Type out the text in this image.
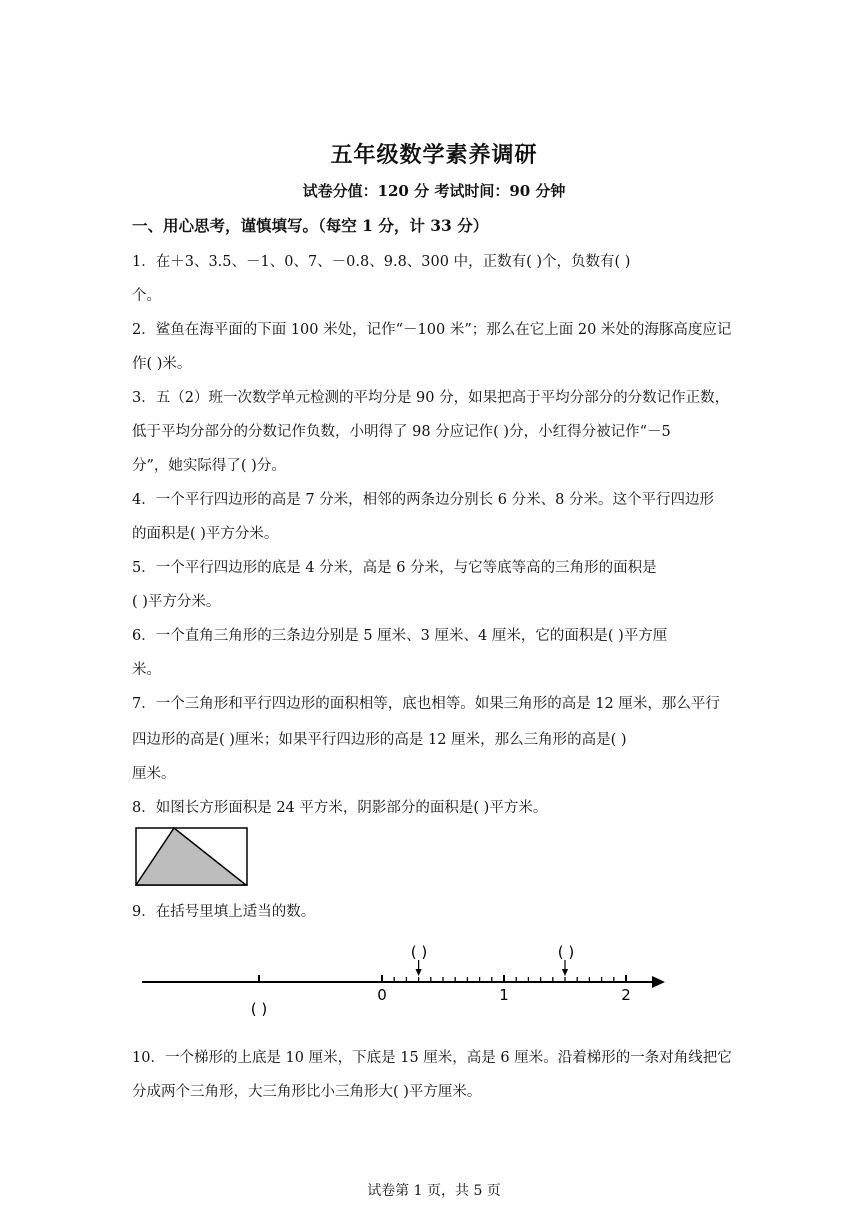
五年级数学素养调研
试卷分值：120 分 考试时间：90 分钟
一、用心思考，谨慎填写。（每空 1 分，计 33 分）
1．在＋3、3.5、－1、0、7、－0.8、9.8、300 中，正数有( )个，负数有( )
个。
2．鲨鱼在海平面的下面 100 米处，记作“－100 米”；那么在它上面 20 米处的海豚高度应记
作( )米。
3．五（2）班一次数学单元检测的平均分是 90 分，如果把高于平均分部分的分数记作正数，
低于平均分部分的分数记作负数，小明得了 98 分应记作( )分，小红得分被记作“－5
分”，她实际得了( )分。
4．一个平行四边形的高是 7 分米，相邻的两条边分别长 6 分米、8 分米。这个平行四边形
的面积是( )平方分米。
5．一个平行四边形的底是 4 分米，高是 6 分米，与它等底等高的三角形的面积是
( )平方分米。
6．一个直角三角形的三条边分别是 5 厘米、3 厘米、4 厘米，它的面积是( )平方厘
米。
7．一个三角形和平行四边形的面积相等，底也相等。如果三角形的高是 12 厘米，那么平行
四边形的高是( )厘米；如果平行四边形的高是 12 厘米，那么三角形的高是( )
厘米。
8．如图长方形面积是 24 平方米，阴影部分的面积是( )平方米。
9．在括号里填上适当的数。
0	1	2
( )	( )
( )
10．一个梯形的上底是 10 厘米，下底是 15 厘米，高是 6 厘米。沿着梯形的一条对角线把它
分成两个三角形，大三角形比小三角形大( )平方厘米。
试卷第 1 页，共 5 页
